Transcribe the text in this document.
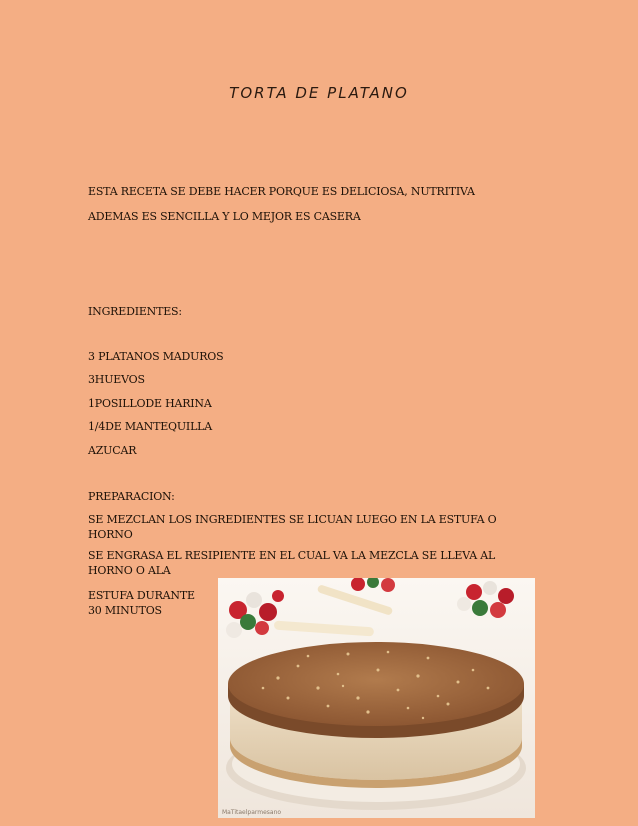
TORTA DE PLATANO
ESTA RECETA SE DEBE HACER PORQUE ES DELICIOSA, NUTRITIVA
ADEMAS ES SENCILLA Y LO MEJOR ES CASERA
INGREDIENTES:
3 PLATANOS MADUROS
3HUEVOS
1POSILLODE HARINA
1/4DE MANTEQUILLA
AZUCAR
PREPARACION:
SE MEZCLAN LOS INGREDIENTES SE LICUAN LUEGO EN LA ESTUFA O HORNO
SE ENGRASA EL RESIPIENTE EN EL CUAL VA LA MEZCLA SE LLEVA AL HORNO O ALA
ESTUFA DURANTE 30 MINUTOS
MaTitaelparmesano
